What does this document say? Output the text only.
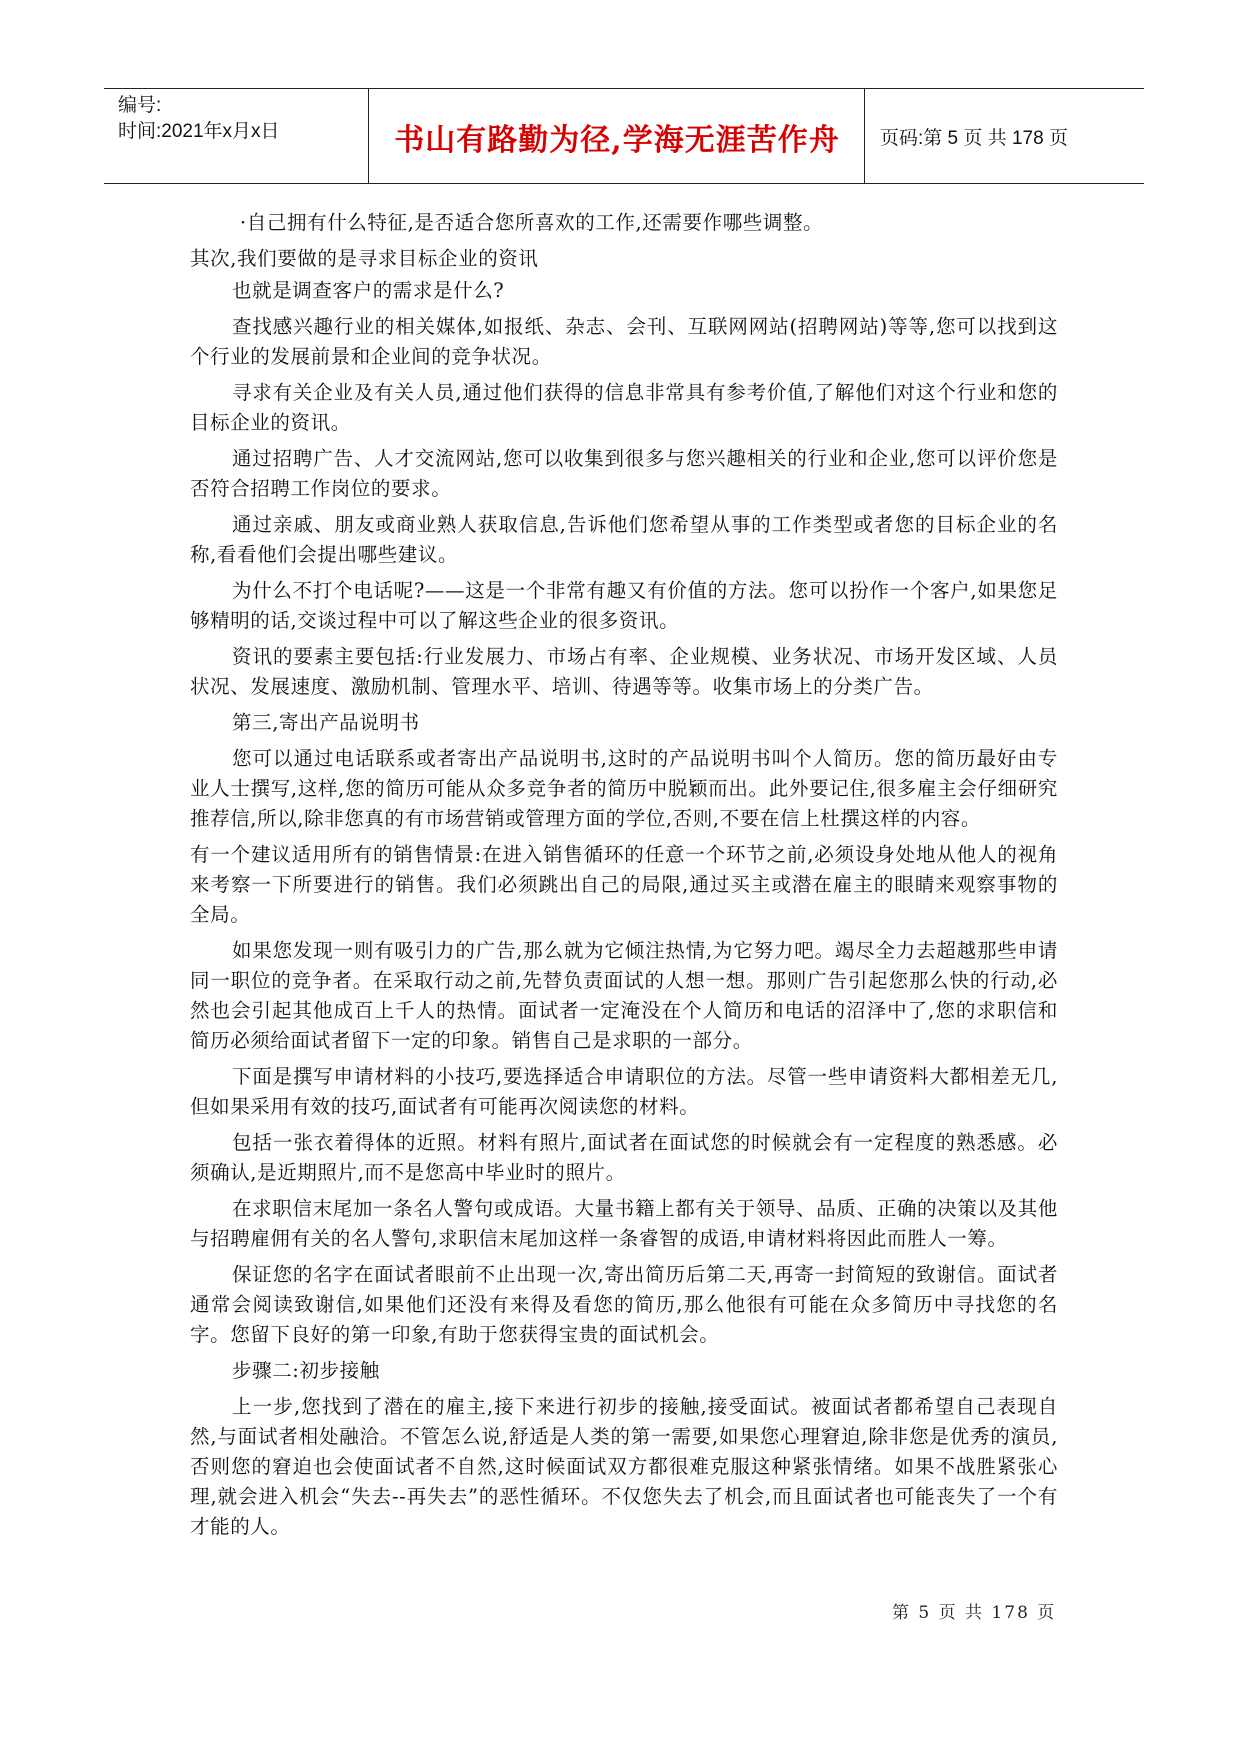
编号:
时间:2021年x月x日	书山有路勤为径,学海无涯苦作舟	页码:第 5 页 共 178 页

·自己拥有什么特征,是否适合您所喜欢的工作,还需要作哪些调整。

其次,我们要做的是寻求目标企业的资讯

也就是调查客户的需求是什么?

查找感兴趣行业的相关媒体,如报纸、杂志、会刊、互联网网站(招聘网站)等等,您可以找到这个行业的发展前景和企业间的竞争状况。

寻求有关企业及有关人员,通过他们获得的信息非常具有参考价值,了解他们对这个行业和您的目标企业的资讯。

通过招聘广告、人才交流网站,您可以收集到很多与您兴趣相关的行业和企业,您可以评价您是否符合招聘工作岗位的要求。

通过亲戚、朋友或商业熟人获取信息,告诉他们您希望从事的工作类型或者您的目标企业的名称,看看他们会提出哪些建议。

为什么不打个电话呢?——这是一个非常有趣又有价值的方法。您可以扮作一个客户,如果您足够精明的话,交谈过程中可以了解这些企业的很多资讯。

资讯的要素主要包括:行业发展力、市场占有率、企业规模、业务状况、市场开发区域、人员状况、发展速度、激励机制、管理水平、培训、待遇等等。收集市场上的分类广告。

第三,寄出产品说明书

您可以通过电话联系或者寄出产品说明书,这时的产品说明书叫个人简历。您的简历最好由专业人士撰写,这样,您的简历可能从众多竞争者的简历中脱颖而出。此外要记住,很多雇主会仔细研究推荐信,所以,除非您真的有市场营销或管理方面的学位,否则,不要在信上杜撰这样的内容。

有一个建议适用所有的销售情景:在进入销售循环的任意一个环节之前,必须设身处地从他人的视角来考察一下所要进行的销售。我们必须跳出自己的局限,通过买主或潜在雇主的眼睛来观察事物的全局。

如果您发现一则有吸引力的广告,那么就为它倾注热情,为它努力吧。竭尽全力去超越那些申请同一职位的竞争者。在采取行动之前,先替负责面试的人想一想。那则广告引起您那么快的行动,必然也会引起其他成百上千人的热情。面试者一定淹没在个人简历和电话的沼泽中了,您的求职信和简历必须给面试者留下一定的印象。销售自己是求职的一部分。

下面是撰写申请材料的小技巧,要选择适合申请职位的方法。尽管一些申请资料大都相差无几,但如果采用有效的技巧,面试者有可能再次阅读您的材料。

包括一张衣着得体的近照。材料有照片,面试者在面试您的时候就会有一定程度的熟悉感。必须确认,是近期照片,而不是您高中毕业时的照片。

在求职信末尾加一条名人警句或成语。大量书籍上都有关于领导、品质、正确的决策以及其他与招聘雇佣有关的名人警句,求职信末尾加这样一条睿智的成语,申请材料将因此而胜人一筹。

保证您的名字在面试者眼前不止出现一次,寄出简历后第二天,再寄一封简短的致谢信。面试者通常会阅读致谢信,如果他们还没有来得及看您的简历,那么他很有可能在众多简历中寻找您的名字。您留下良好的第一印象,有助于您获得宝贵的面试机会。

步骤二:初步接触

上一步,您找到了潜在的雇主,接下来进行初步的接触,接受面试。被面试者都希望自己表现自然,与面试者相处融洽。不管怎么说,舒适是人类的第一需要,如果您心理窘迫,除非您是优秀的演员,否则您的窘迫也会使面试者不自然,这时候面试双方都很难克服这种紧张情绪。如果不战胜紧张心理,就会进入机会“失去--再失去”的恶性循环。不仅您失去了机会,而且面试者也可能丧失了一个有才能的人。

第 5 页 共 178 页
